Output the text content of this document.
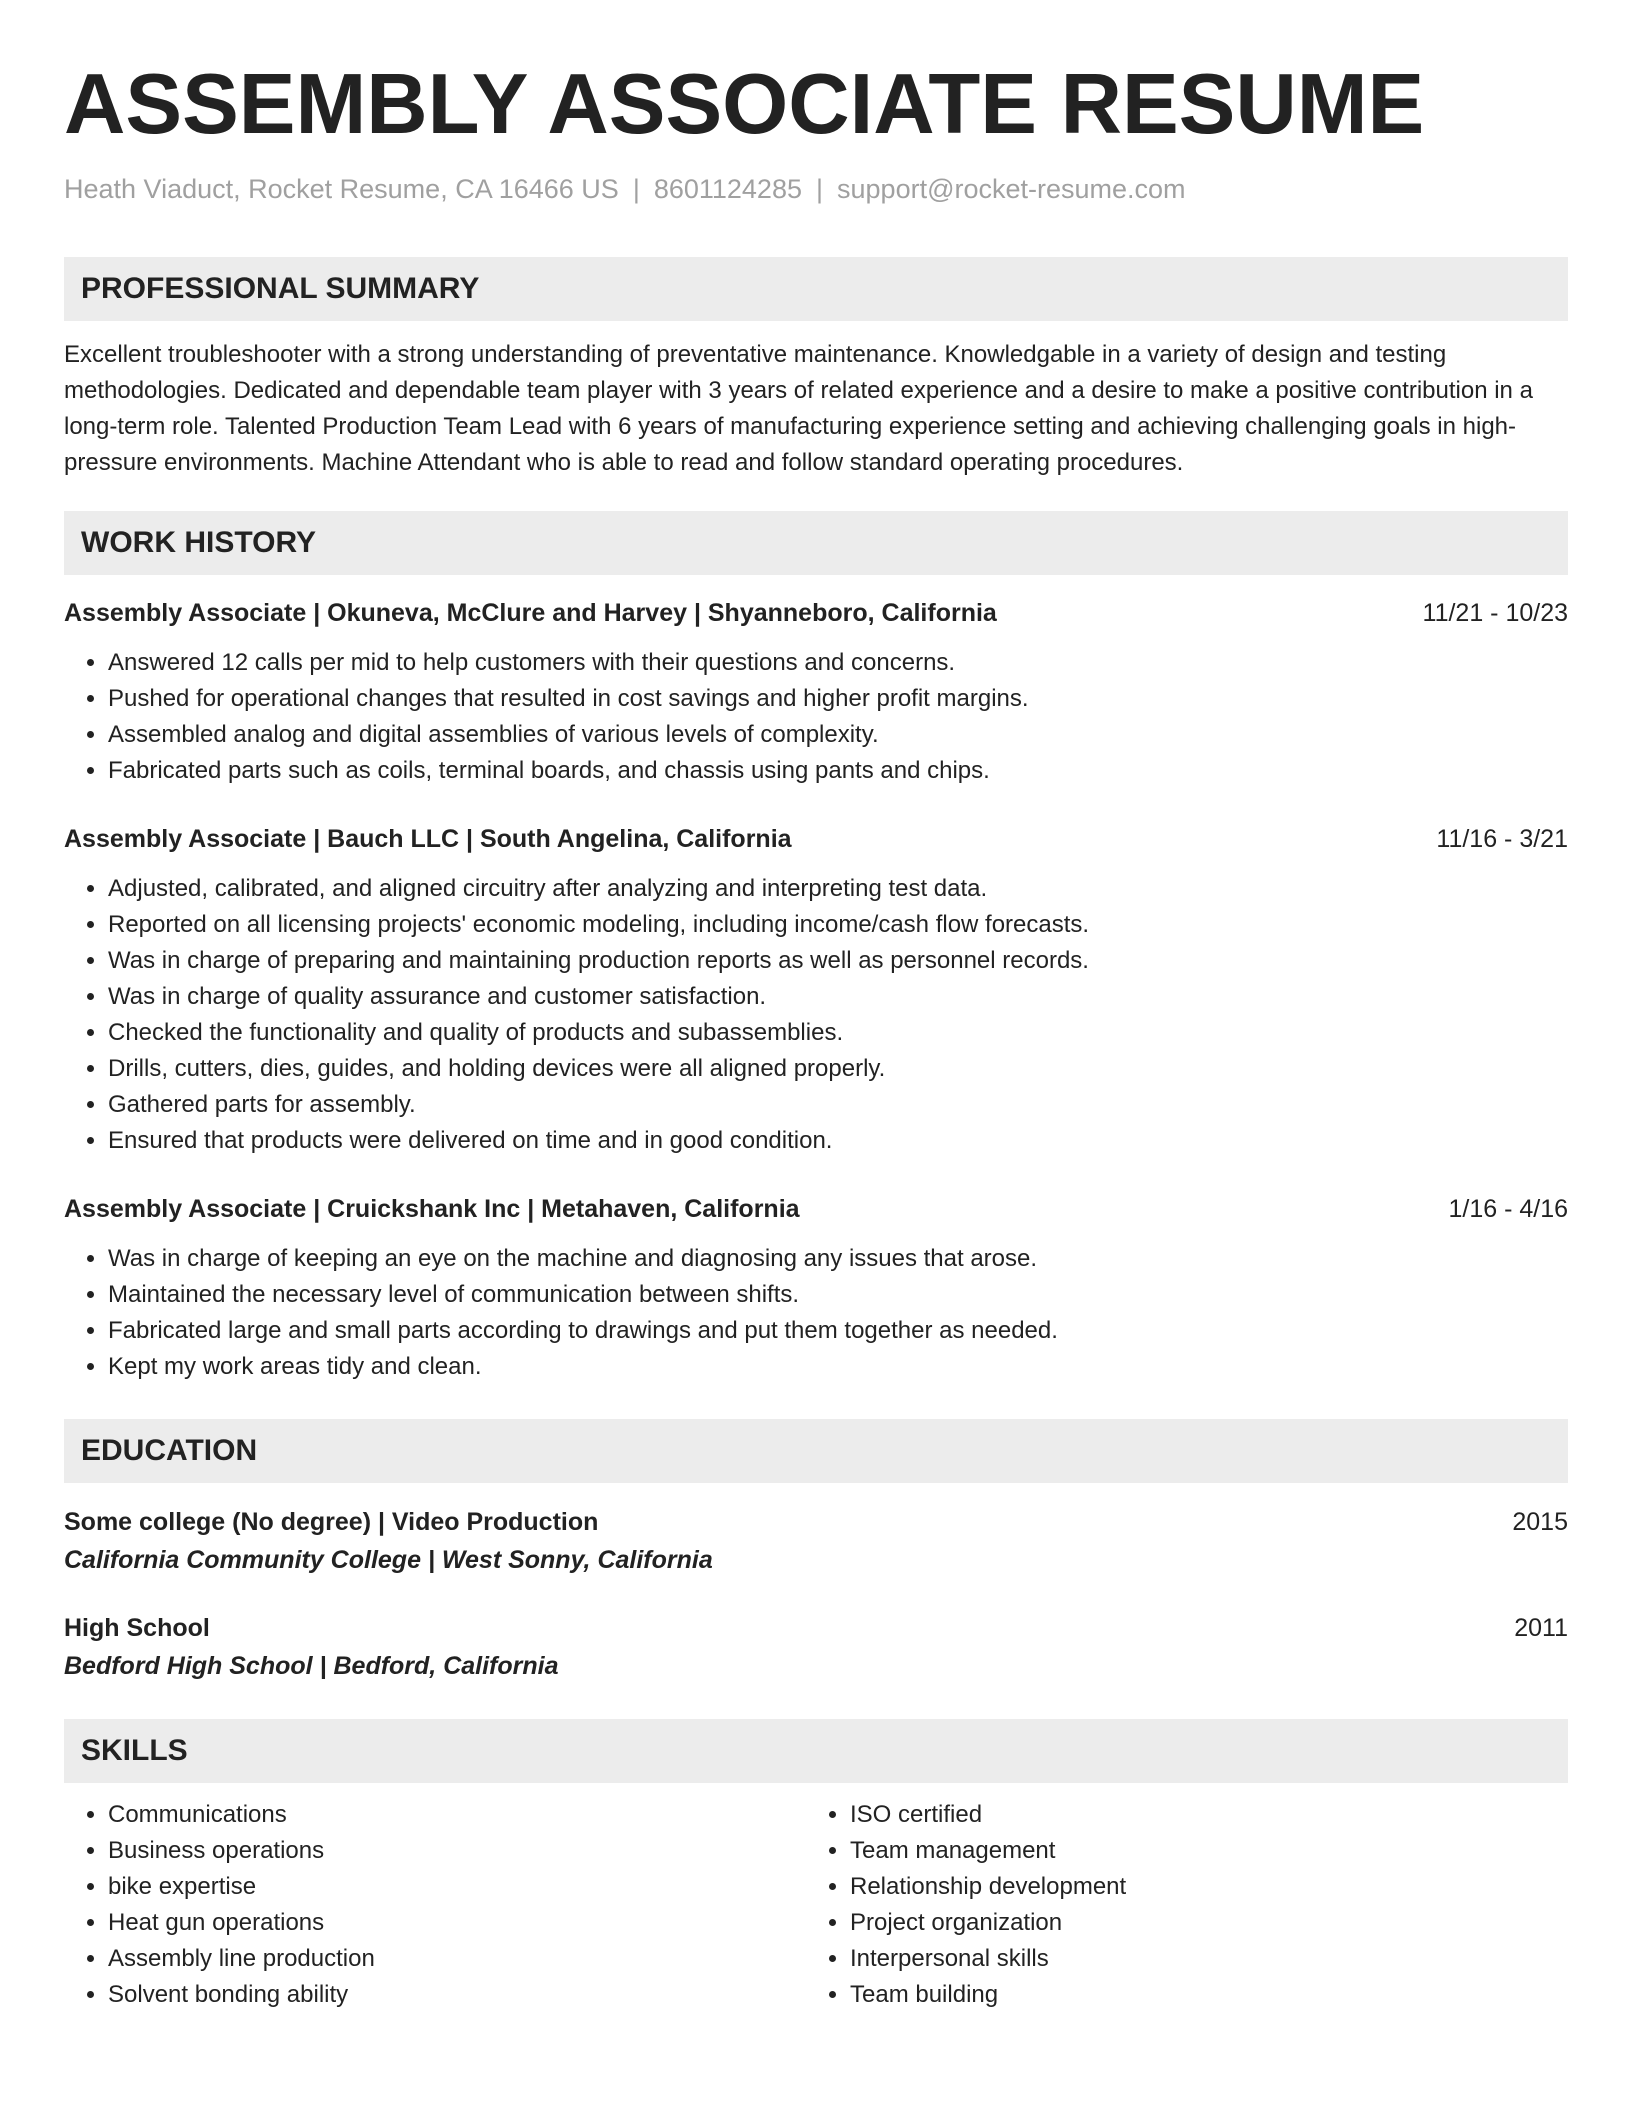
ASSEMBLY ASSOCIATE RESUME
Heath Viaduct, Rocket Resume, CA 16466 US | 8601124285 | support@rocket-resume.com
PROFESSIONAL SUMMARY
Excellent troubleshooter with a strong understanding of preventative maintenance. Knowledgable in a variety of design and testing methodologies. Dedicated and dependable team player with 3 years of related experience and a desire to make a positive contribution in a long-term role. Talented Production Team Lead with 6 years of manufacturing experience setting and achieving challenging goals in high-pressure environments. Machine Attendant who is able to read and follow standard operating procedures.
WORK HISTORY
Assembly Associate | Okuneva, McClure and Harvey | Shyanneboro, California	11/21 - 10/23
• Answered 12 calls per mid to help customers with their questions and concerns.
• Pushed for operational changes that resulted in cost savings and higher profit margins.
• Assembled analog and digital assemblies of various levels of complexity.
• Fabricated parts such as coils, terminal boards, and chassis using pants and chips.
Assembly Associate | Bauch LLC | South Angelina, California	11/16 - 3/21
• Adjusted, calibrated, and aligned circuitry after analyzing and interpreting test data.
• Reported on all licensing projects' economic modeling, including income/cash flow forecasts.
• Was in charge of preparing and maintaining production reports as well as personnel records.
• Was in charge of quality assurance and customer satisfaction.
• Checked the functionality and quality of products and subassemblies.
• Drills, cutters, dies, guides, and holding devices were all aligned properly.
• Gathered parts for assembly.
• Ensured that products were delivered on time and in good condition.
Assembly Associate | Cruickshank Inc | Metahaven, California	1/16 - 4/16
• Was in charge of keeping an eye on the machine and diagnosing any issues that arose.
• Maintained the necessary level of communication between shifts.
• Fabricated large and small parts according to drawings and put them together as needed.
• Kept my work areas tidy and clean.
EDUCATION
Some college (No degree) | Video Production	2015
California Community College | West Sonny, California
High School	2011
Bedford High School | Bedford, California
SKILLS
• Communications
• Business operations
• bike expertise
• Heat gun operations
• Assembly line production
• Solvent bonding ability
• ISO certified
• Team management
• Relationship development
• Project organization
• Interpersonal skills
• Team building
